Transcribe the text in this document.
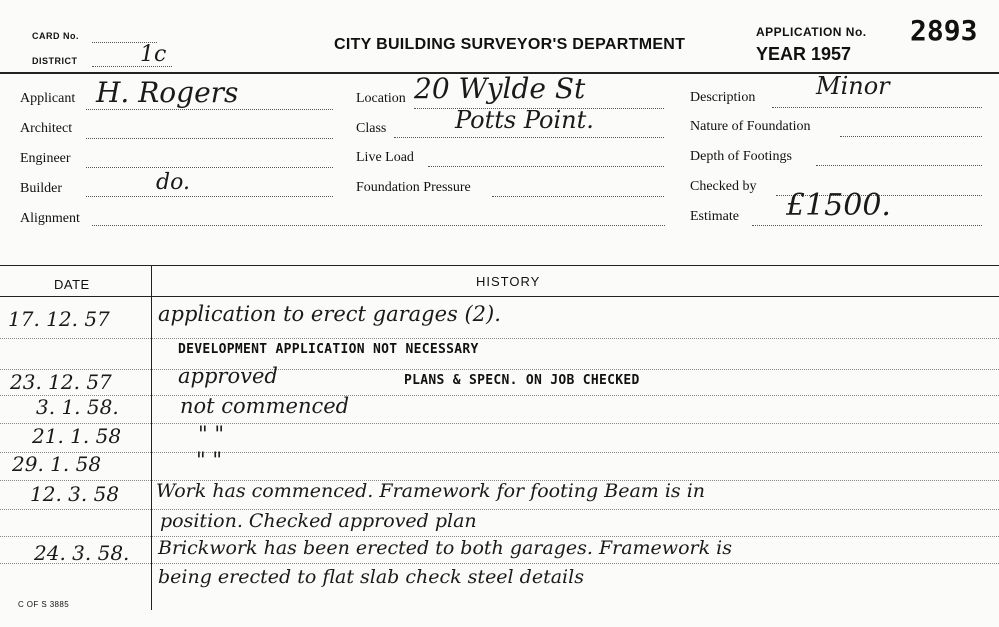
CARD No.
DISTRICT	1c	CITY BUILDING SURVEYOR'S DEPARTMENT
APPLICATION No. 2893
YEAR 1957
Applicant H. Rogers
Architect
Engineer
Builder	do.
Alignment
Location 20 Wylde St
Class	Potts Point.
Live Load
Foundation Pressure
Description	Minor
Nature of Foundation
Depth of Footings
Checked by
Estimate £1500.
DATE	HISTORY
17. 12. 57 application to erect garages (2).
DEVELOPMENT APPLICATION NOT NECESSARY
23. 12. 57	approved	PLANS & SPECN. ON JOB CHECKED
3. 1. 58.	not commenced
21. 1. 58	" "
29. 1. 58	" "
12. 3. 58 Work has commenced. Framework for footing Beam is in
position. Checked approved plan
24. 3. 58. Brickwork has been erected to both garages. Framework is
being erected to flat slab check steel details
C OF S 3885
